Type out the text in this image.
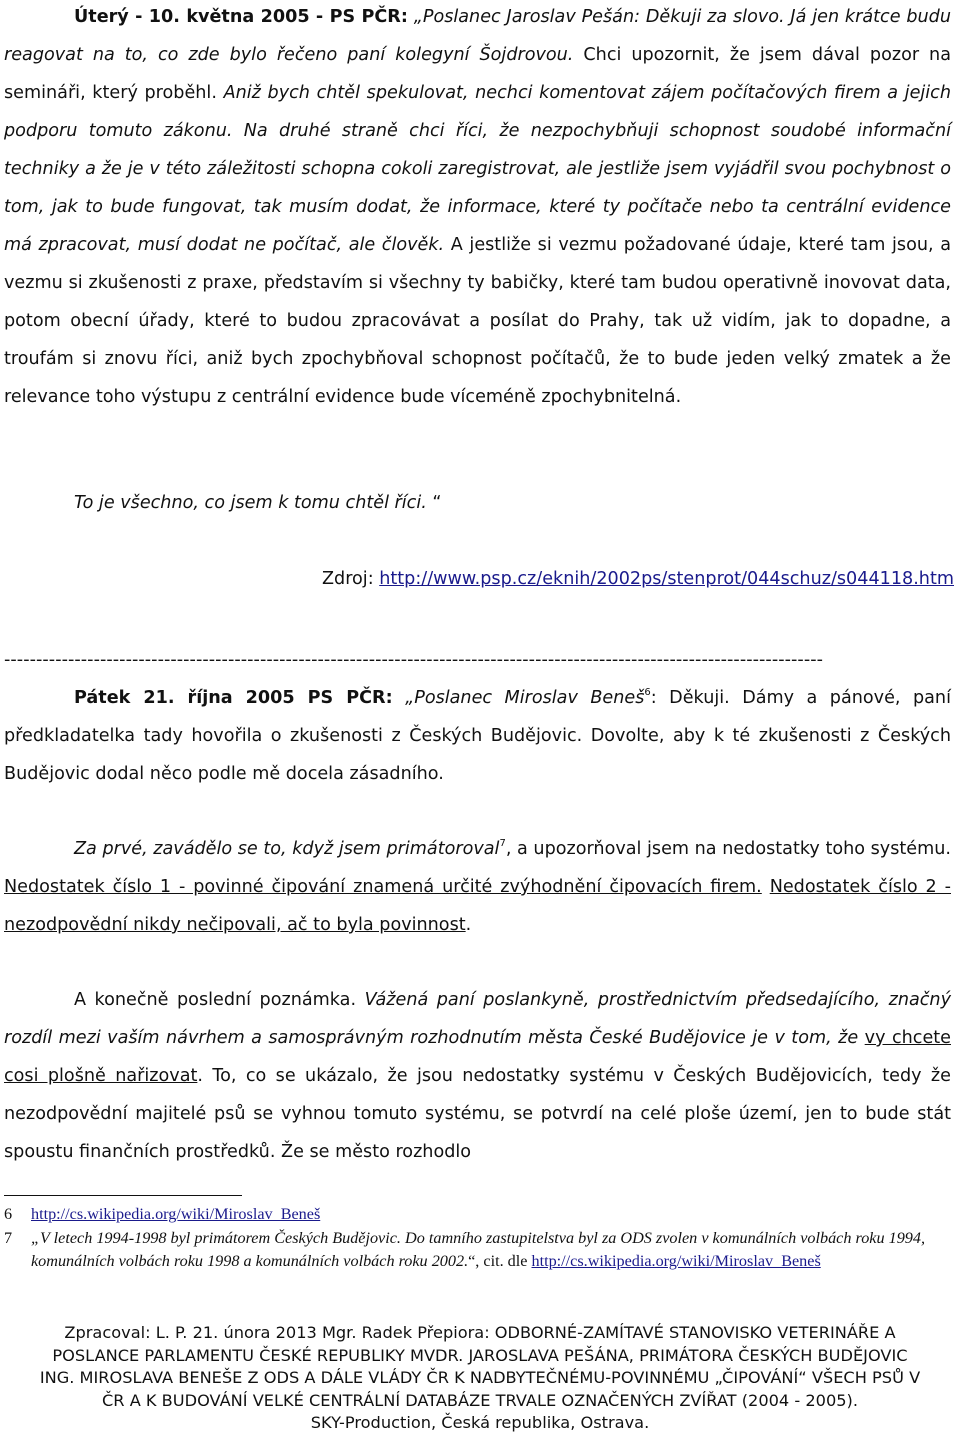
Úterý - 10. května 2005 - PS PČR: „Poslanec Jaroslav Pešán: Děkuji za slovo. Já jen krátce budu reagovat na to, co zde bylo řečeno paní kolegyní Šojdrovou. Chci upozornit, že jsem dával pozor na semináři, který proběhl. Aniž bych chtěl spekulovat, nechci komentovat zájem počítačových firem a jejich podporu tomuto zákonu. Na druhé straně chci říci, že nezpochybňuji schopnost soudobé informační techniky a že je v této záležitosti schopna cokoli zaregistrovat, ale jestliže jsem vyjádřil svou pochybnost o tom, jak to bude fungovat, tak musím dodat, že informace, které ty počítače nebo ta centrální evidence má zpracovat, musí dodat ne počítač, ale člověk. A jestliže si vezmu požadované údaje, které tam jsou, a vezmu si zkušenosti z praxe, představím si všechny ty babičky, které tam budou operativně inovovat data, potom obecní úřady, které to budou zpracovávat a posílat do Prahy, tak už vidím, jak to dopadne, a troufám si znovu říci, aniž bych zpochybňoval schopnost počítačů, že to bude jeden velký zmatek a že relevance toho výstupu z centrální evidence bude víceméně zpochybnitelná.
To je všechno, co jsem k tomu chtěl říci. “
Zdroj: http://www.psp.cz/eknih/2002ps/stenprot/044schuz/s044118.htm
--------------------------------------------------------------------------------------------------------------------------------
Pátek 21. října 2005 PS PČR: „Poslanec Miroslav Beneš$^6$: Děkuji. Dámy a pánové, paní předkladatelka tady hovořila o zkušenosti z Českých Budějovic. Dovolte, aby k té zkušenosti z Českých Budějovic dodal něco podle mě docela zásadního.
Za prvé, zavádělo se to, když jsem primátoroval$^7$, a upozorňoval jsem na nedostatky toho systému. Nedostatek číslo 1 - povinné čipování znamená určité zvýhodnění čipovacích firem. Nedostatek číslo 2 - nezodpovědní nikdy nečipovali, ač to byla povinnost.
A konečně poslední poznámka. Vážená paní poslankyně, prostřednictvím předsedajícího, značný rozdíl mezi vaším návrhem a samosprávným rozhodnutím města České Budějovice je v tom, že vy chcete cosi plošně nařizovat. To, co se ukázalo, že jsou nedostatky systému v Českých Budějovicích, tedy že nezodpovědní majitelé psů se vyhnou tomuto systému, se potvrdí na celé ploše území, jen to bude stát spoustu finančních prostředků. Že se město rozhodlo
6	http://cs.wikipedia.org/wiki/Miroslav_Beneš
7	„V letech 1994-1998 byl primátorem Českých Budějovic. Do tamního zastupitelstva byl za ODS zvolen v komunálních volbách roku 1994, komunálních volbách roku 1998 a komunálních volbách roku 2002.“, cit. dle http://cs.wikipedia.org/wiki/Miroslav_Beneš

Zpracoval: L. P. 21. února 2013 Mgr. Radek Přepiora: ODBORNÉ-ZAMÍTAVÉ STANOVISKO VETERINÁŘE A

POSLANCE PARLAMENTU ČESKÉ REPUBLIKY MVDR. JAROSLAVA PEŠÁNA, PRIMÁTORA ČESKÝCH BUDĚJOVIC

ING. MIROSLAVA BENEŠE Z ODS A DÁLE VLÁDY ČR K NADBYTEČNÉMU-POVINNÉMU „ČIPOVÁNÍ“ VŠECH PSŮ V

ČR A K BUDOVÁNÍ VELKÉ CENTRÁLNÍ DATABÁZE TRVALE OZNAČENÝCH ZVÍŘAT (2004 - 2005).

SKY-Production, Česká republika, Ostrava.
